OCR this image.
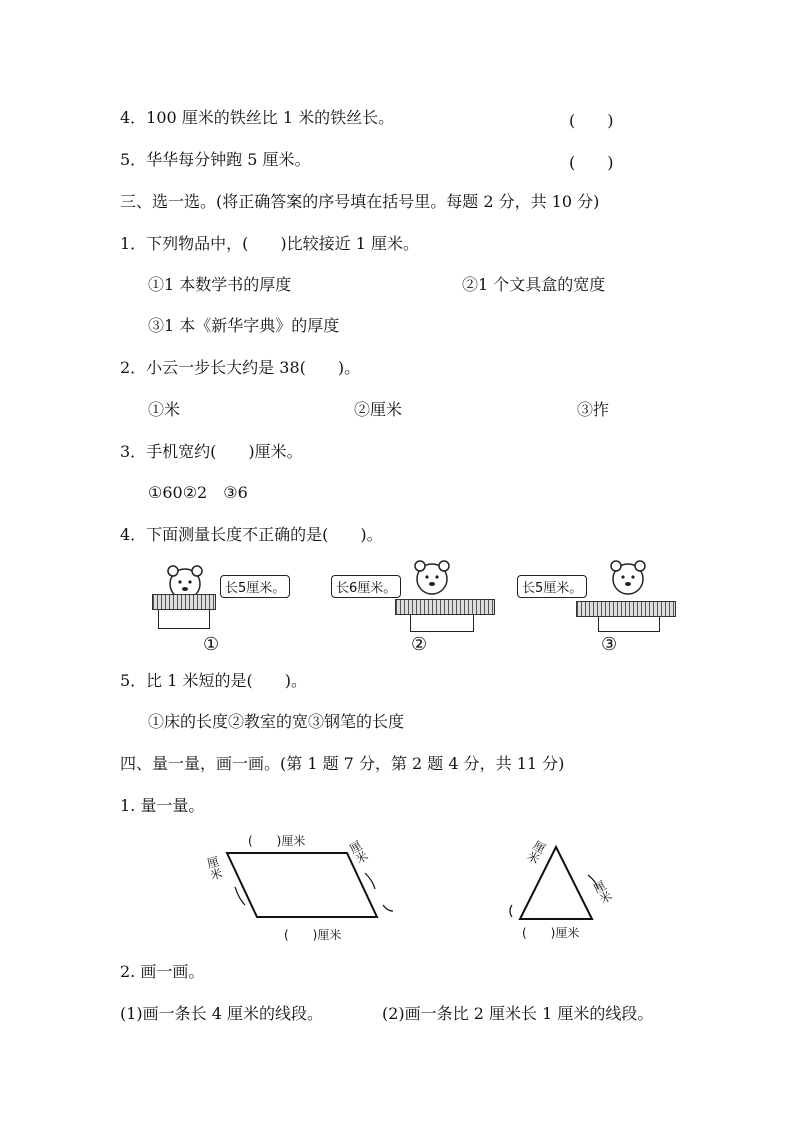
4．100 厘米的铁丝比 1 米的铁丝长。	(　　)
5．华华每分钟跑 5 厘米。	(　　)
三、选一选。(将正确答案的序号填在括号里。每题 2 分，共 10 分)
1．下列物品中，(　　)比较接近 1 厘米。
①1 本数学书的厚度	②1 个文具盒的宽度
③1 本《新华字典》的厚度
2．小云一步长大约是 38(　　)。
①米	②厘米	③拃
3．手机宽约(　　)厘米。
①60②2　③6
4．下面测量长度不正确的是(　　)。
长5厘米。
①
长6厘米。
②
长5厘米。
③
5．比 1 米短的是(　　)。
①床的长度②教室的宽③钢笔的长度
四、量一量，画一画。(第 1 题 7 分，第 2 题 4 分，共 11 分)
1. 量一量。
(　　)厘米
厘米
厘米
(　　)厘米
厘米
厘米
(　　)厘米
2. 画一画。
(1)画一条长 4 厘米的线段。	(2)画一条比 2 厘米长 1 厘米的线段。
